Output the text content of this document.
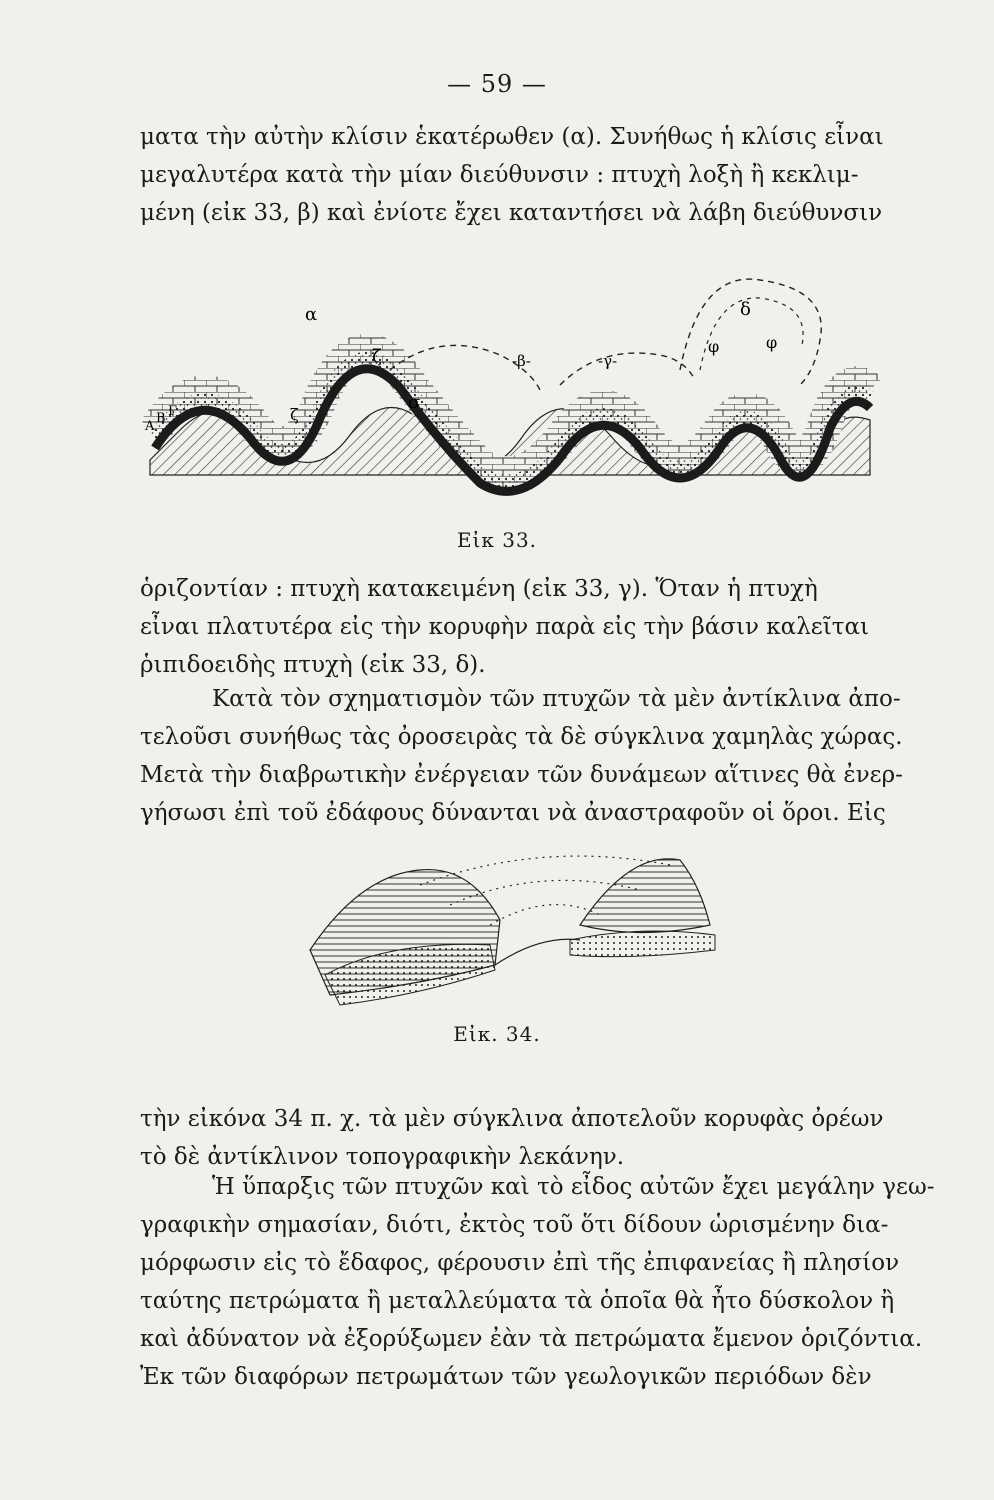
— 59 —
ματα τὴν αὐτὴν κλίσιν ἑκατέρωθεν (α). Συνήθως ἡ κλίσις εἶναι
μεγαλυτέρα κατὰ τὴν μίαν διεύθυνσιν : πτυχὴ λοξὴ ἢ κεκλιμ-
μένη (εἰκ 33, β) καὶ ἐνίοτε ἔχει καταντήσει νὰ λάβη διεύθυνσιν
α
ζ
ζ
σ
-β-	-γ-
δ
φ	φ
Γ
Β
Α
Εἰκ 33.
ὁριζοντίαν : πτυχὴ κατακειμένη (εἰκ 33, γ). Ὅταν ἡ πτυχὴ
εἶναι πλατυτέρα εἰς τὴν κορυφὴν παρὰ εἰς τὴν βάσιν καλεῖται
ῥιπιδοειδὴς πτυχὴ (εἰκ 33, δ).
Κατὰ τὸν σχηματισμὸν τῶν πτυχῶν τὰ μὲν ἀντίκλινα ἀπο-
τελοῦσι συνήθως τὰς ὀροσειρὰς τὰ δὲ σύγκλινα χαμηλὰς χώρας.
Μετὰ τὴν διαβρωτικὴν ἐνέργειαν τῶν δυνάμεων αἵτινες θὰ ἐνερ-
γήσωσι ἐπὶ τοῦ ἐδάφους δύνανται νὰ ἀναστραφοῦν οἱ ὅροι. Εἰς
Εἰκ. 34.
τὴν εἰκόνα 34 π. χ. τὰ μὲν σύγκλινα ἀποτελοῦν κορυφὰς ὀρέων
τὸ δὲ ἀντίκλινον τοπογραφικὴν λεκάνην.
Ἡ ὕπαρξις τῶν πτυχῶν καὶ τὸ εἶδος αὐτῶν ἔχει μεγάλην γεω-
γραφικὴν σημασίαν, διότι, ἐκτὸς τοῦ ὅτι δίδουν ὡρισμένην δια-
μόρφωσιν εἰς τὸ ἔδαφος, φέρουσιν ἐπὶ τῆς ἐπιφανείας ἢ πλησίον
ταύτης πετρώματα ἢ μεταλλεύματα τὰ ὁποῖα θὰ ἦτο δύσκολον ἢ
καὶ ἀδύνατον νὰ ἐξορύξωμεν ἐὰν τὰ πετρώματα ἔμενον ὁριζόντια.
Ἐκ τῶν διαφόρων πετρωμάτων τῶν γεωλογικῶν περιόδων δὲν
